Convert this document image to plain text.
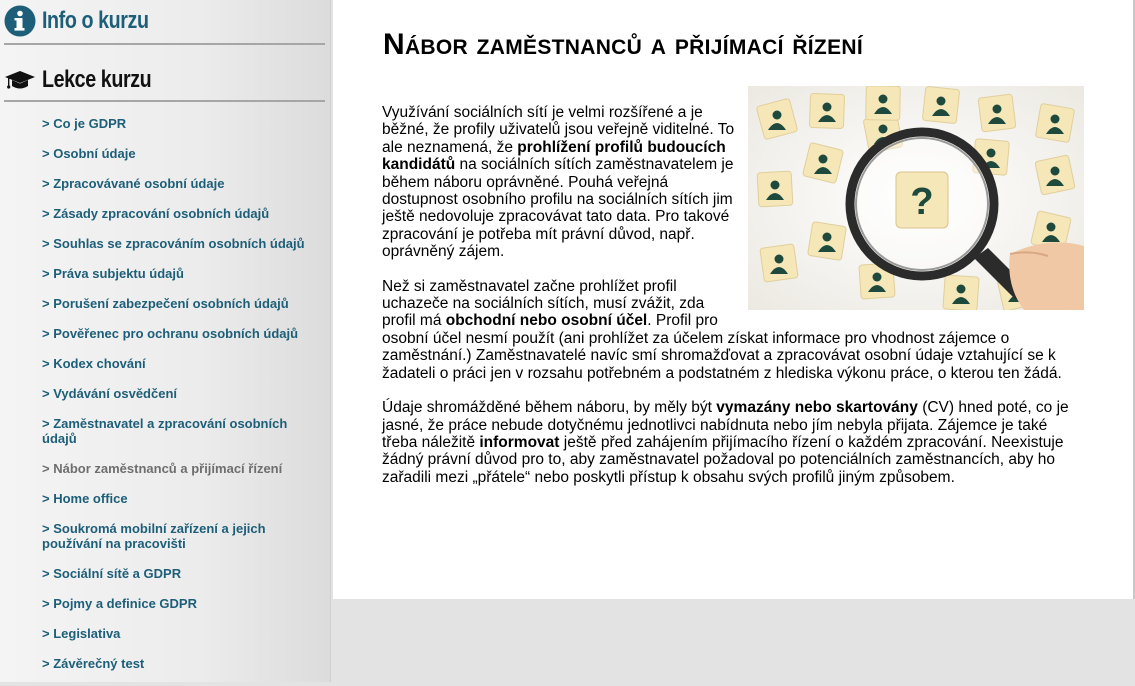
Info o kurzu
Lekce kurzu
> Co je GDPR
> Osobní údaje
> Zpracovávané osobní údaje
> Zásady zpracování osobních údajů
> Souhlas se zpracováním osobních údajů
> Práva subjektu údajů
> Porušení zabezpečení osobních údajů
> Pověřenec pro ochranu osobních údajů
> Kodex chování
> Vydávání osvědčení
> Zaměstnavatel a zpracování osobních údajů
> Nábor zaměstnanců a přijímací řízení
> Home office
> Soukromá mobilní zařízení a jejich používání na pracovišti
> Sociální sítě a GDPR
> Pojmy a definice GDPR
> Legislativa
> Závěrečný test
Nábor zaměstnanců a přijímací řízení
?

Využívání sociálních sítí je velmi rozšířené a je běžné, že profily uživatelů jsou veřejně viditelné. To ale neznamená, že prohlížení profilů budoucích kandidátů na sociálních sítích zaměstnavatelem je během náboru oprávněné. Pouhá veřejná dostupnost osobního profilu na sociálních sítích jim ještě nedovoluje zpracovávat tato data. Pro takové zpracování je potřeba mít právní důvod, např. oprávněný zájem.

Než si zaměstnavatel začne prohlížet profil uchazeče na sociálních sítích, musí zvážit, zda profil má obchodní nebo osobní účel. Profil pro osobní účel nesmí použít (ani prohlížet za účelem získat informace pro vhodnost zájemce o zaměstnání.) Zaměstnavatelé navíc smí shromažďovat a zpracovávat osobní údaje vztahující se k žadateli o práci jen v rozsahu potřebném a podstatném z hlediska výkonu práce, o kterou ten žádá.

Údaje shromážděné během náboru, by měly být vymazány nebo skartovány (CV) hned poté, co je jasné, že práce nebude dotyčnému jednotlivci nabídnuta nebo jím nebyla přijata. Zájemce je také třeba náležitě informovat ještě před zahájením přijímacího řízení o každém zpracování. Neexistuje žádný právní důvod pro to, aby zaměstnavatel požadoval po potenciálních zaměstnancích, aby ho zařadili mezi „přátele“ nebo poskytli přístup k obsahu svých profilů jiným způsobem.
